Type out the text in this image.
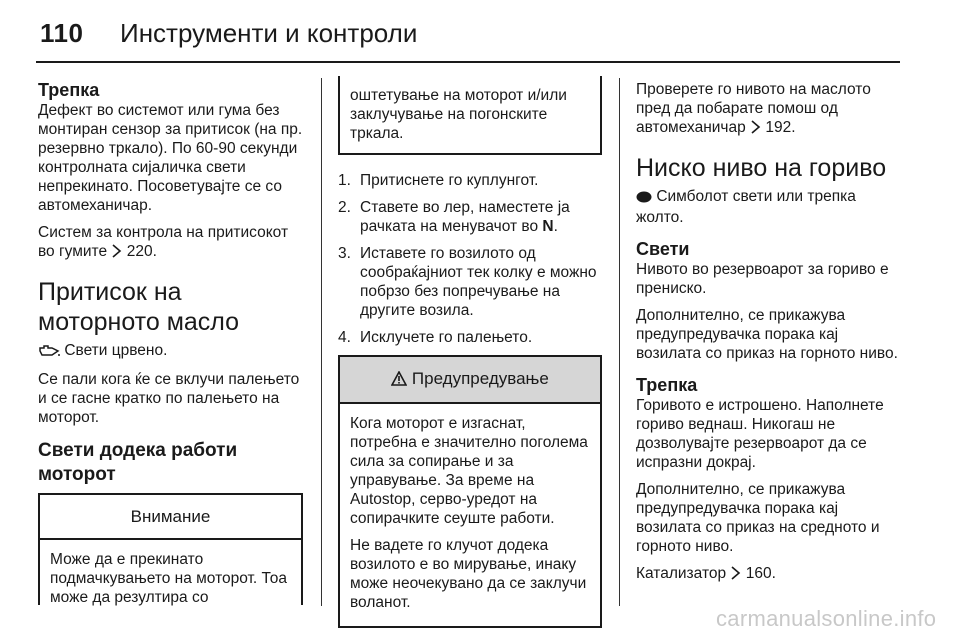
110 Инструменти и контроли
Трепка

Дефект во системот или гума без монтиран сензор за притисок (на пр. резервно тркало). По 60-90 секунди контролната сијаличка свети непрекинато. Посоветувајте се со автомеханичар.

Систем за контрола на притисокот во гумите 220.

Притисок на моторното масло

Свети црвено.

Се пали кога ќе се вклучи палењето и се гасне кратко по палењето на моторот.

Свети додека работи моторот
Внимание
Може да е прекинато подмачкувањето на моторот. Тоа може да резултира со
оштетување на моторот и/или заклучување на погонските тркала.
1. Притиснете го куплунгот.
2. Ставете во лер, наместете ја рачката на менувачот во N.
3. Иставете го возилото од сообраќајниот тек колку е можно побрзо без попречување на другите возила.
4. Исклучете го палењето.
Предупредување

Кога моторот е изгаснат, потребна е значително поголема сила за сопирање и за управување. За време на Autostop, серво-уредот на сопирачките сеуште работи.

Не вадете го клучот додека возилото е во мирување, инаку може неочекувано да се заклучи воланот.

Проверете го нивото на маслото пред да побарате помош од автомеханичар 192.

Ниско ниво на гориво

Симболот свети или трепка жолто.

Свети

Нивото во резервоарот за гориво е прениско.

Дополнително, се прикажува предупредувачка порака кај возилата со приказ на горното ниво.

Трепка

Горивото е истрошено. Наполнете гориво веднаш. Никогаш не дозволувајте резервоарот да се испразни докрај.

Дополнително, се прикажува предупредувачка порака кај возилата со приказ на средното и горното ниво.

Катализатор 160.

carmanualsonline.info
